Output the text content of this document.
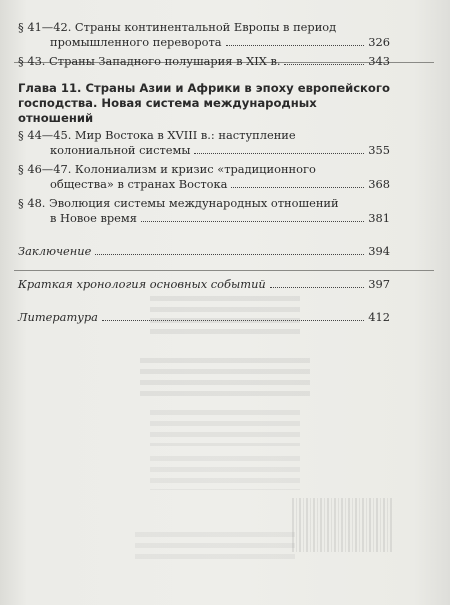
§ 41—42. Страны континентальной Европы в период
промышленного переворота	326
§ 43. Страны Западного полушария в XIX в.	343
Глава 11. Страны Азии и Африки в эпоху европейского
господства. Новая система международных отношений
§ 44—45. Мир Востока в XVIII в.: наступление
колониальной системы	355
§ 46—47. Колониализм и кризис «традиционного
общества» в странах Востока	368
§ 48. Эволюция системы международных отношений
в Новое время	381
Заключение	394
Краткая хронология основных событий	397
Литература	412
